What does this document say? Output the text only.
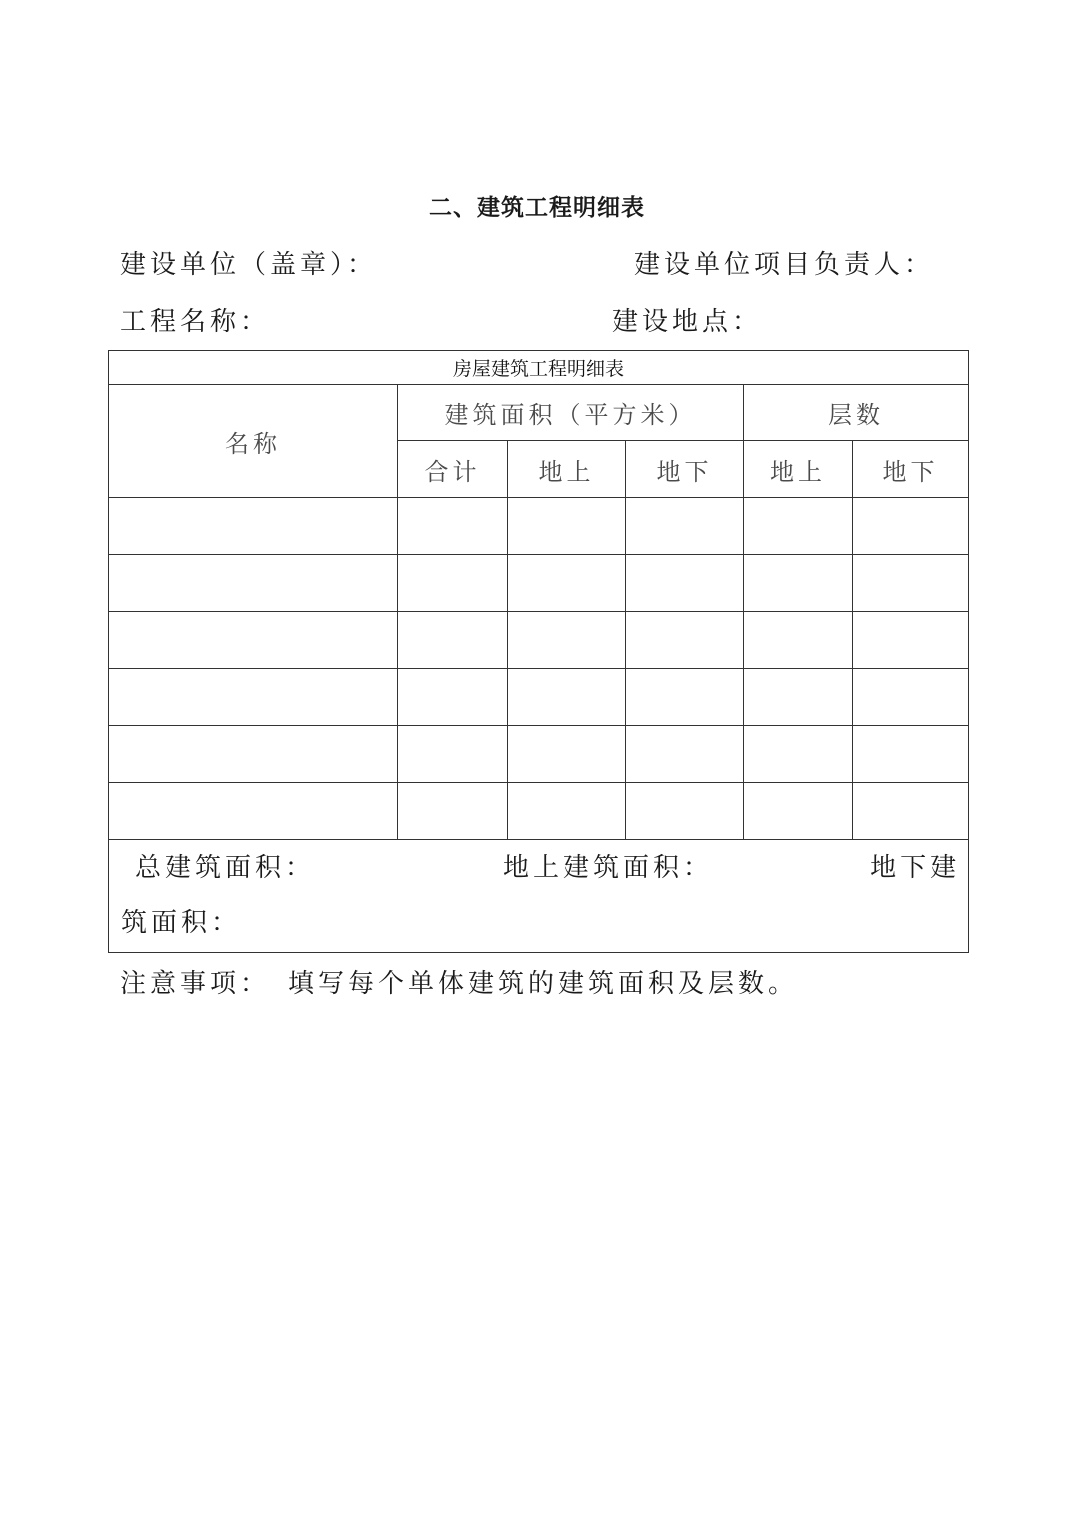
二、建筑工程明细表
建设单位（盖章）：	建设单位项目负责人：
工程名称：	建设地点：
房屋建筑工程明细表					
名称	建筑面积（平方米）			层数	
	合计	地上	地下	地上	地下

总建筑面积： 地上建筑面积： 地下建
筑面积：					
注意事项： 填写每个单体建筑的建筑面积及层数。
